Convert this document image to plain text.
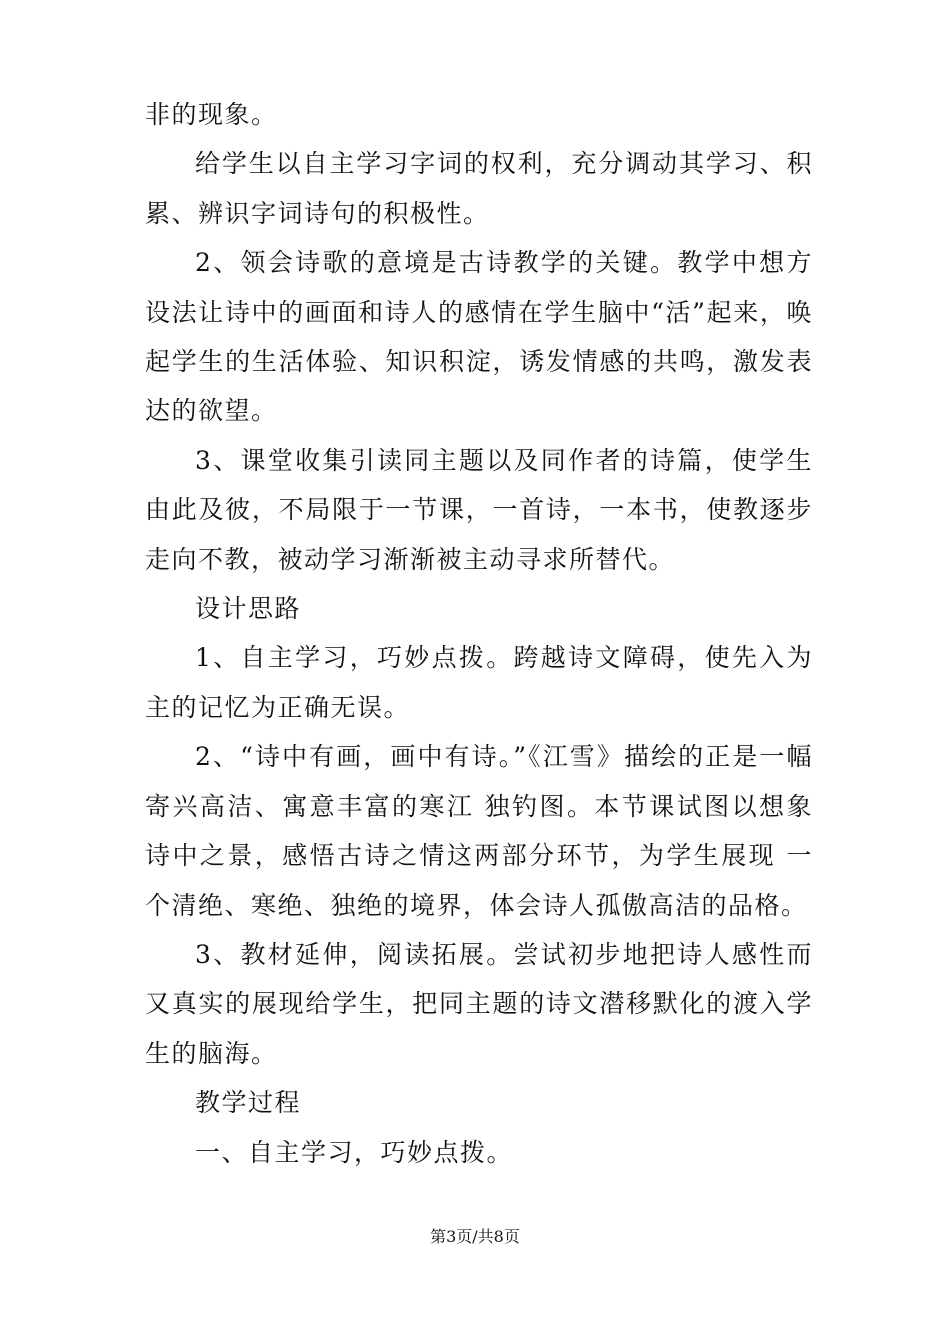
非的现象。

给学生以自主学习字词的权利，充分调动其学习、积累、辨识字词诗句的积极性。

2、领会诗歌的意境是古诗教学的关键。教学中想方设法让诗中的画面和诗人的感情在学生脑中“活”起来，唤起学生的生活体验、知识积淀，诱发情感的共鸣，激发表达的欲望。

3、课堂收集引读同主题以及同作者的诗篇，使学生由此及彼，不局限于一节课，一首诗，一本书，使教逐步走向不教，被动学习渐渐被主动寻求所替代。

设计思路

1、自主学习，巧妙点拨。跨越诗文障碍，使先入为主的记忆为正确无误。

2、“诗中有画，画中有诗。”《江雪》描绘的正是一幅寄兴高洁、寓意丰富的寒江 独钓图。本节课试图以想象诗中之景，感悟古诗之情这两部分环节，为学生展现 一个清绝、寒绝、独绝的境界，体会诗人孤傲高洁的品格。

3、教材延伸，阅读拓展。尝试初步地把诗人感性而又真实的展现给学生，把同主题的诗文潜移默化的渡入学生的脑海。

教学过程

一、自主学习，巧妙点拨。

第3页/共8页
